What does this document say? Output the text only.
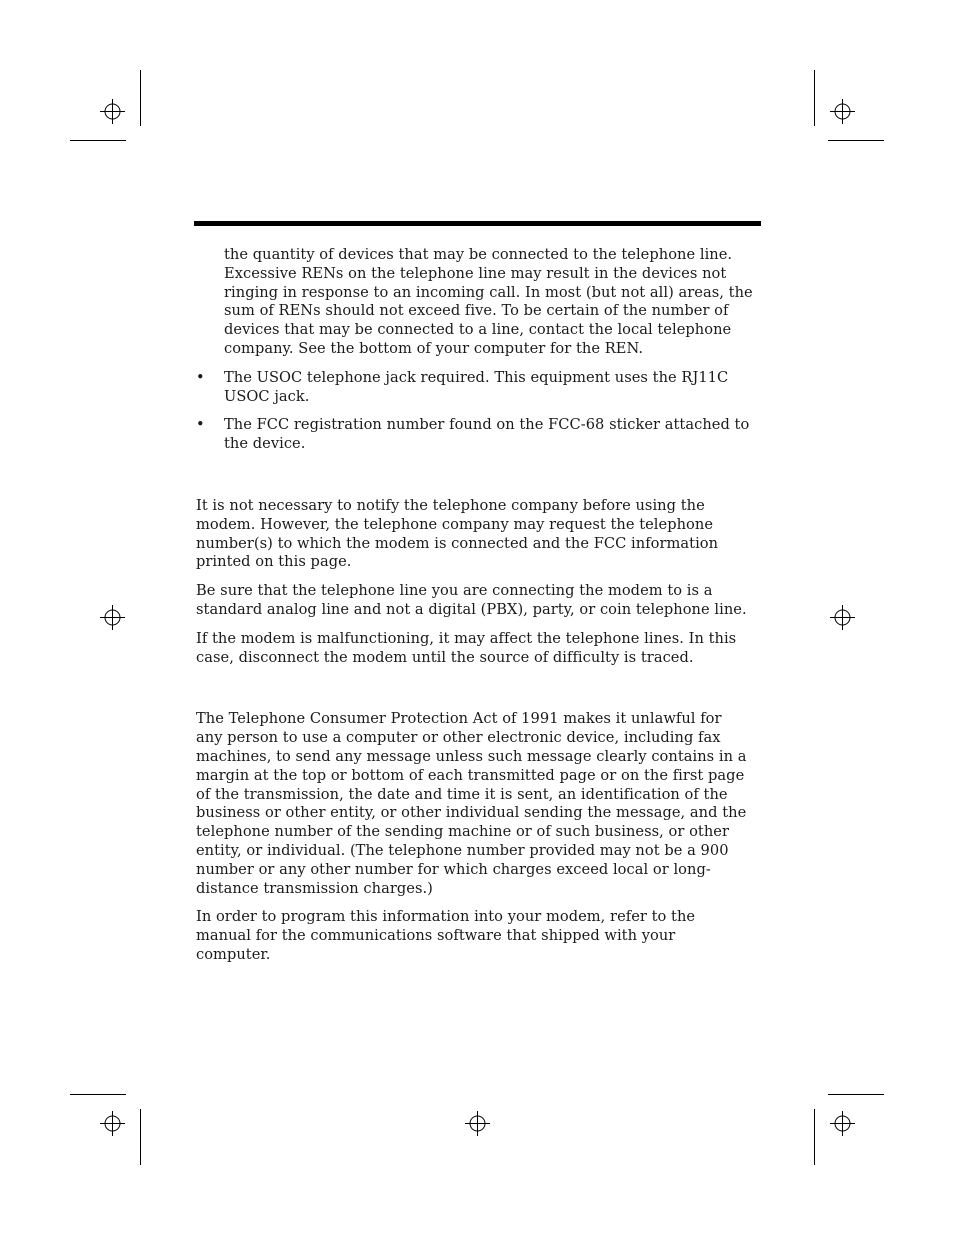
the quantity of devices that may be connected to the telephone line.
Excessive RENs on the telephone line may result in the devices not
ringing in response to an incoming call. In most (but not all) areas, the
sum of RENs should not exceed five. To be certain of the number of
devices that may be connected to a line, contact the local telephone
company. See the bottom of your computer for the REN.

• The USOC telephone jack required. This equipment uses the RJ11C
USOC jack.

• The FCC registration number found on the FCC-68 sticker attached to
the device.

It is not necessary to notify the telephone company before using the
modem. However, the telephone company may request the telephone
number(s) to which the modem is connected and the FCC information
printed on this page.

Be sure that the telephone line you are connecting the modem to is a
standard analog line and not a digital (PBX), party, or coin telephone line.

If the modem is malfunctioning, it may affect the telephone lines. In this
case, disconnect the modem until the source of difficulty is traced.

The Telephone Consumer Protection Act of 1991 makes it unlawful for
any person to use a computer or other electronic device, including fax
machines, to send any message unless such message clearly contains in a
margin at the top or bottom of each transmitted page or on the first page
of the transmission, the date and time it is sent, an identification of the
business or other entity, or other individual sending the message, and the
telephone number of the sending machine or of such business, or other
entity, or individual. (The telephone number provided may not be a 900
number or any other number for which charges exceed local or long-
distance transmission charges.)

In order to program this information into your modem, refer to the
manual for the communications software that shipped with your
computer.
